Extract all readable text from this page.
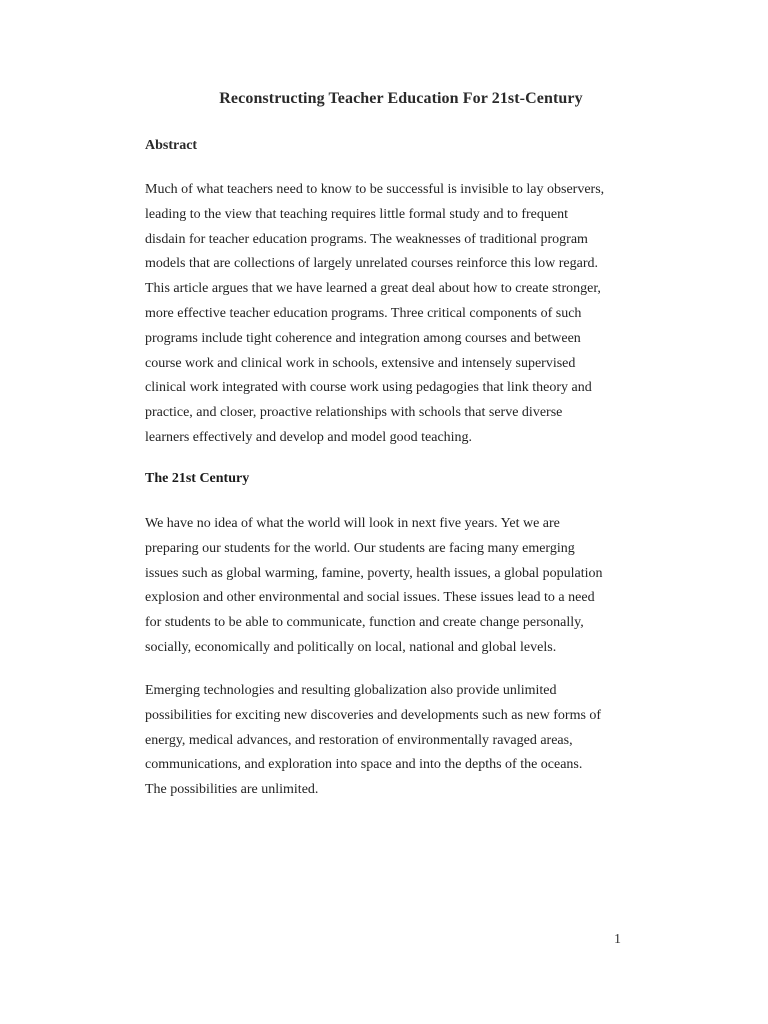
Reconstructing Teacher Education For 21st-Century
Abstract
Much of what teachers need to know to be successful is invisible to lay observers,
leading to the view that teaching requires little formal study and to frequent
disdain for teacher education programs. The weaknesses of traditional program
models that are collections of largely unrelated courses reinforce this low regard.
This article argues that we have learned a great deal about how to create stronger,
more effective teacher education programs. Three critical components of such
programs include tight coherence and integration among courses and between
course work and clinical work in schools, extensive and intensely supervised
clinical work integrated with course work using pedagogies that link theory and
practice, and closer, proactive relationships with schools that serve diverse
learners effectively and develop and model good teaching.
The 21st Century
We have no idea of what the world will look in next five years. Yet we are
preparing our students for the world. Our students are facing many emerging
issues such as global warming, famine, poverty, health issues, a global population
explosion and other environmental and social issues. These issues lead to a need
for students to be able to communicate, function and create change personally,
socially, economically and politically on local, national and global levels.
Emerging technologies and resulting globalization also provide unlimited
possibilities for exciting new discoveries and developments such as new forms of
energy, medical advances, and restoration of environmentally ravaged areas,
communications, and exploration into space and into the depths of the oceans.
The possibilities are unlimited.
1
